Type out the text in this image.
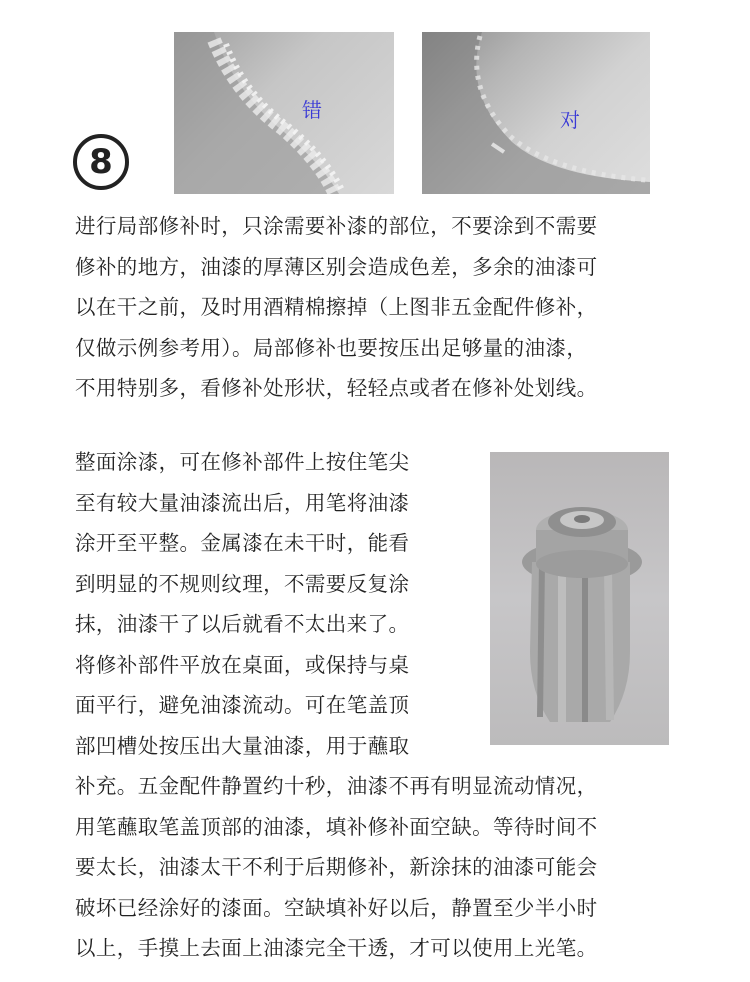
8
错	对

进行局部修补时，只涂需要补漆的部位，不要涂到不需要
修补的地方，油漆的厚薄区别会造成色差，多余的油漆可
以在干之前，及时用酒精棉擦掉（上图非五金配件修补，
仅做示例参考用）。局部修补也要按压出足够量的油漆，
不用特别多，看修补处形状，轻轻点或者在修补处划线。

整面涂漆，可在修补部件上按住笔尖
至有较大量油漆流出后，用笔将油漆
涂开至平整。金属漆在未干时，能看
到明显的不规则纹理，不需要反复涂
抹，油漆干了以后就看不太出来了。
将修补部件平放在桌面，或保持与桌
面平行，避免油漆流动。可在笔盖顶
部凹槽处按压出大量油漆，用于蘸取
补充。五金配件静置约十秒，油漆不再有明显流动情况，
用笔蘸取笔盖顶部的油漆，填补修补面空缺。等待时间不
要太长，油漆太干不利于后期修补，新涂抹的油漆可能会
破坏已经涂好的漆面。空缺填补好以后，静置至少半小时
以上，手摸上去面上油漆完全干透，才可以使用上光笔。
